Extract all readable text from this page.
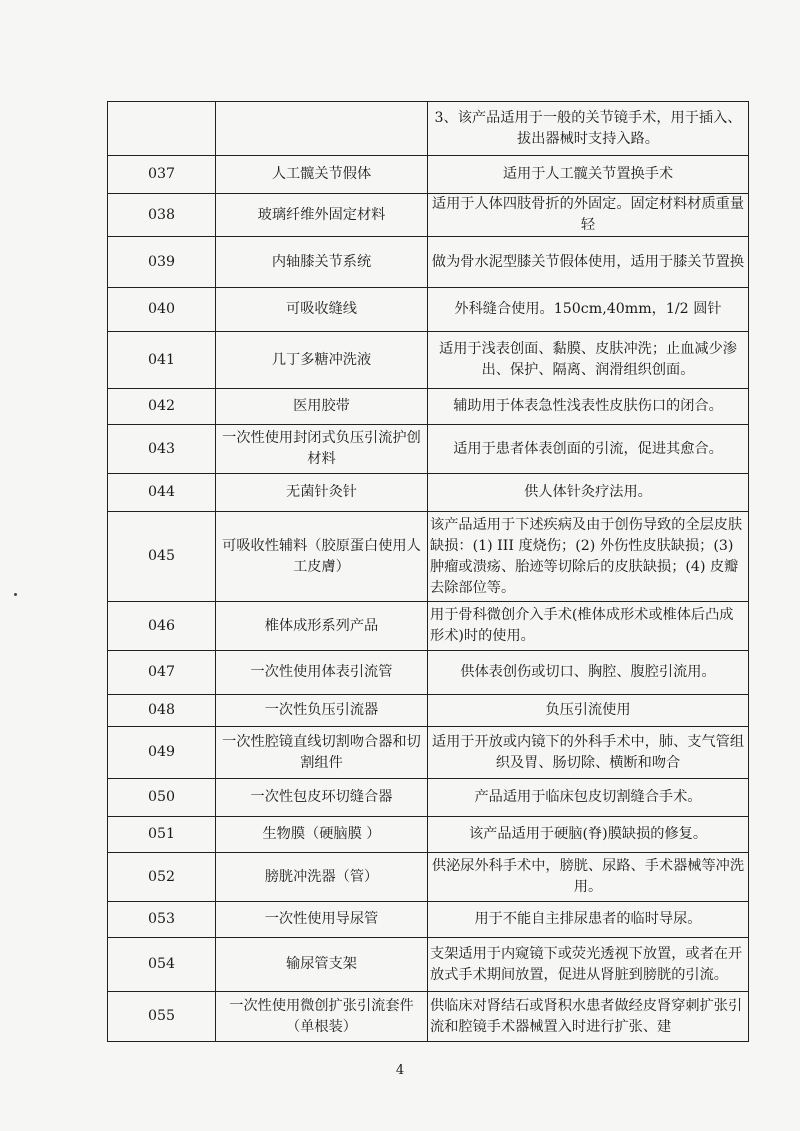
		3、该产品适用于一般的关节镜手术，用于插入、拔出器械时支持入路。
037	人工髋关节假体	适用于人工髋关节置换手术
038	玻璃纤维外固定材料	适用于人体四肢骨折的外固定。固定材料材质重量轻
039	内轴膝关节系统	做为骨水泥型膝关节假体使用，适用于膝关节置换
040	可吸收缝线	外科缝合使用。150cm,40mm，1/2 圆针
041	几丁多糖冲洗液	适用于浅表创面、黏膜、皮肤冲洗；止血减少渗出、保护、隔离、润滑组织创面。
042	医用胶带	辅助用于体表急性浅表性皮肤伤口的闭合。
043	一次性使用封闭式负压引流护创材料	适用于患者体表创面的引流，促进其愈合。
044	无菌针灸针	供人体针灸疗法用。
045	可吸收性辅料（胶原蛋白使用人工皮膚）	该产品适用于下述疾病及由于创伤导致的全层皮肤缺损：(1) III 度烧伤；(2) 外伤性皮肤缺损；(3) 肿瘤或溃疡、胎迹等切除后的皮肤缺损；(4) 皮瓣去除部位等。
046	椎体成形系列产品	用于骨科微创介入手术(椎体成形术或椎体后凸成形术)时的使用。
047	一次性使用体表引流管	供体表创伤或切口、胸腔、腹腔引流用。
048	一次性负压引流器	负压引流使用
049	一次性腔镜直线切割吻合器和切割组件	适用于开放或内镜下的外科手术中，肺、支气管组织及胃、肠切除、横断和吻合
050	一次性包皮环切缝合器	产品适用于临床包皮切割缝合手术。
051	生物膜（硬脑膜 ）	该产品适用于硬脑(脊)膜缺损的修复。
052	膀胱冲洗器（管）	供泌尿外科手术中，膀胱、尿路、手术器械等冲洗用。
053	一次性使用导尿管	用于不能自主排尿患者的临时导尿。
054	输尿管支架	支架适用于内窥镜下或荧光透视下放置，或者在开放式手术期间放置，促进从肾脏到膀胱的引流。
055	一次性使用微创扩张引流套件（单根装）	供临床对肾结石或肾积水患者做经皮肾穿刺扩张引流和腔镜手术器械置入时进行扩张、建
4
